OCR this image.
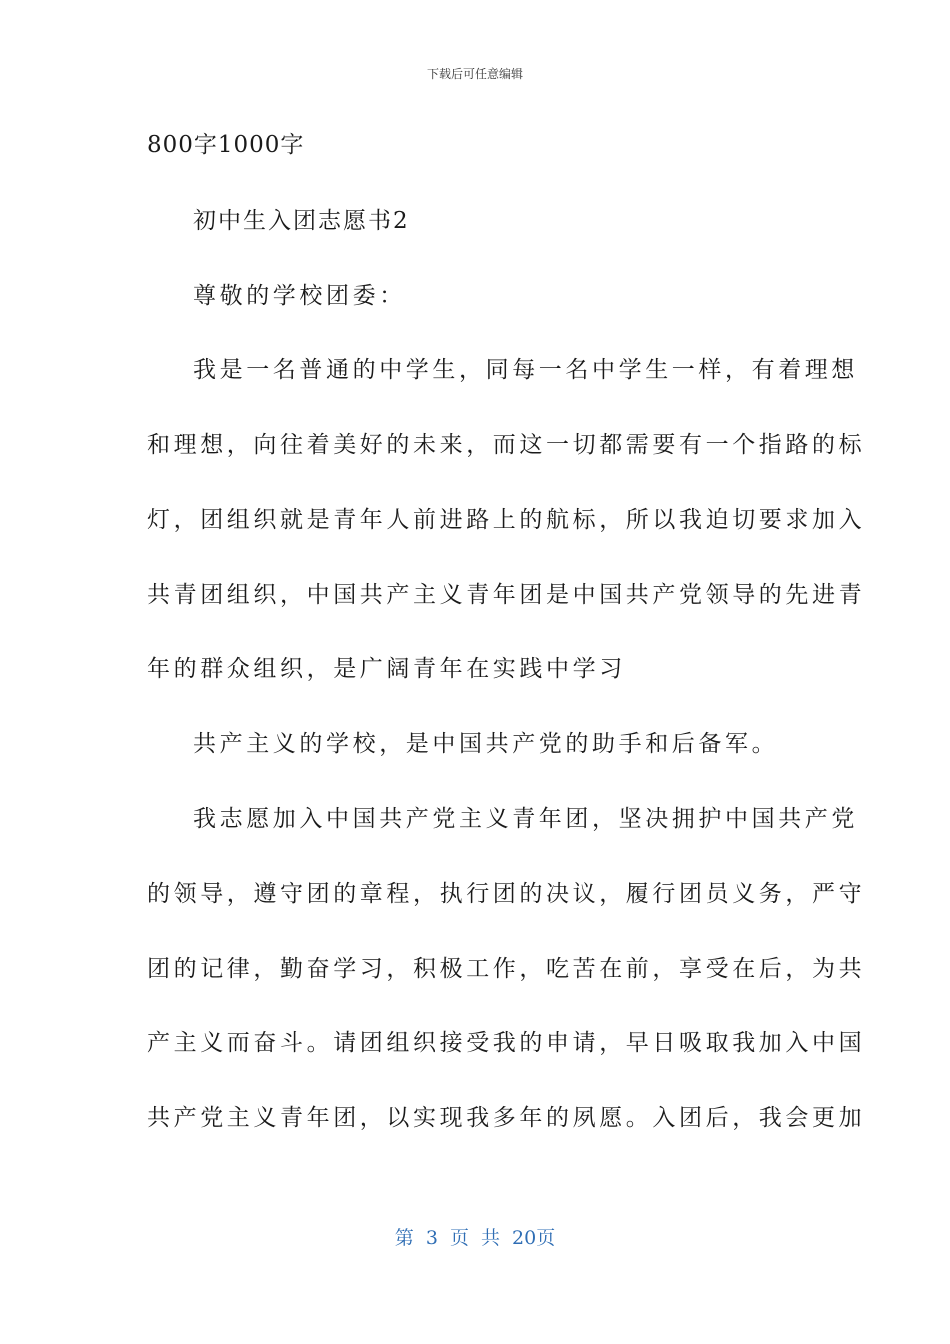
下载后可任意编辑
800字1000字
初中生入团志愿书2
尊敬的学校团委：
我是一名普通的中学生，同每一名中学生一样，有着理想
和理想，向往着美好的未来，而这一切都需要有一个指路的标
灯，团组织就是青年人前进路上的航标，所以我迫切要求加入
共青团组织，中国共产主义青年团是中国共产党领导的先进青
年的群众组织，是广阔青年在实践中学习
共产主义的学校，是中国共产党的助手和后备军。
我志愿加入中国共产党主义青年团，坚决拥护中国共产党
的领导，遵守团的章程，执行团的决议，履行团员义务，严守
团的记律，勤奋学习，积极工作，吃苦在前，享受在后，为共
产主义而奋斗。请团组织接受我的申请，早日吸取我加入中国
共产党主义青年团，以实现我多年的夙愿。入团后，我会更加
第 3 页 共 20页
